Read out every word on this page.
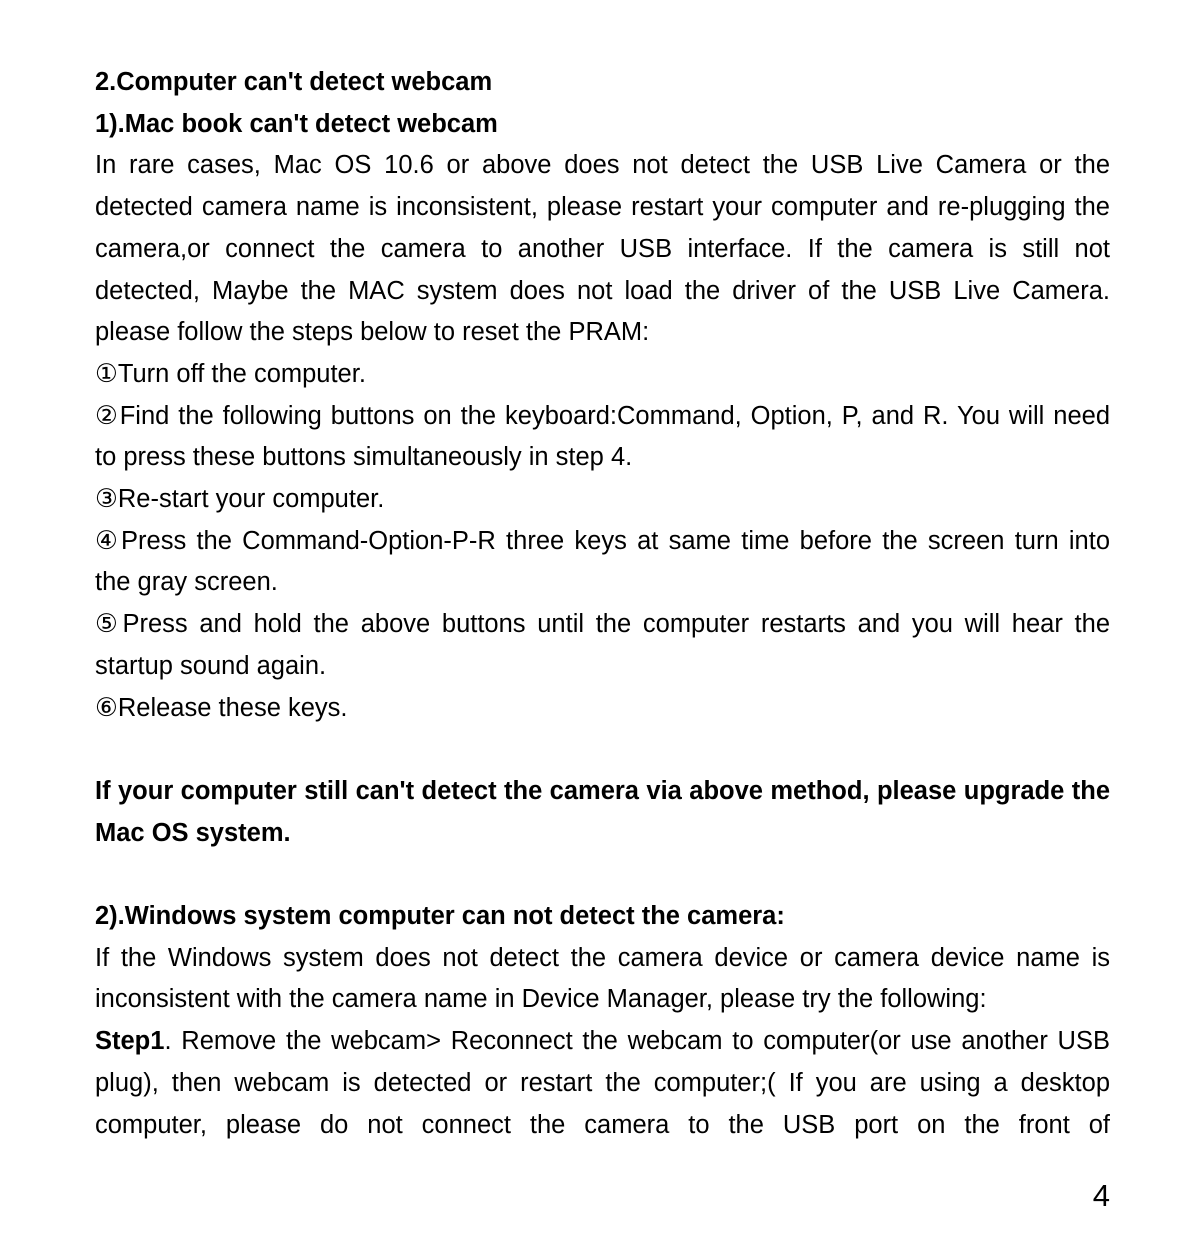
2.Computer can't detect webcam

1).Mac book can't detect webcam

In rare cases, Mac OS 10.6 or above does not detect the USB Live Camera or the detected camera name is inconsistent, please restart your computer and re-plugging the camera,or connect the camera to another USB interface. If the camera is still not detected, Maybe the MAC system does not load the driver of the USB Live Camera. please follow the steps below to reset the PRAM:

①Turn off the computer.

②Find the following buttons on the keyboard:Command, Option, P, and R. You will need to press these buttons simultaneously in step 4.

③Re-start your computer.

④Press the Command-Option-P-R three keys at same time before the screen turn into the gray screen.

⑤Press and hold the above buttons until the computer restarts and you will hear the startup sound again.

⑥Release these keys.

If your computer still can't detect the camera via above method, please upgrade the Mac OS system.

2).Windows system computer can not detect the camera:

If the Windows system does not detect the camera device or camera device name is inconsistent with the camera name in Device Manager, please try the following:

Step1. Remove the webcam> Reconnect the webcam to computer(or use another USB plug), then webcam is detected or restart the computer;( If you are using a desktop computer, please do not connect the camera to the USB port on the front of

4
